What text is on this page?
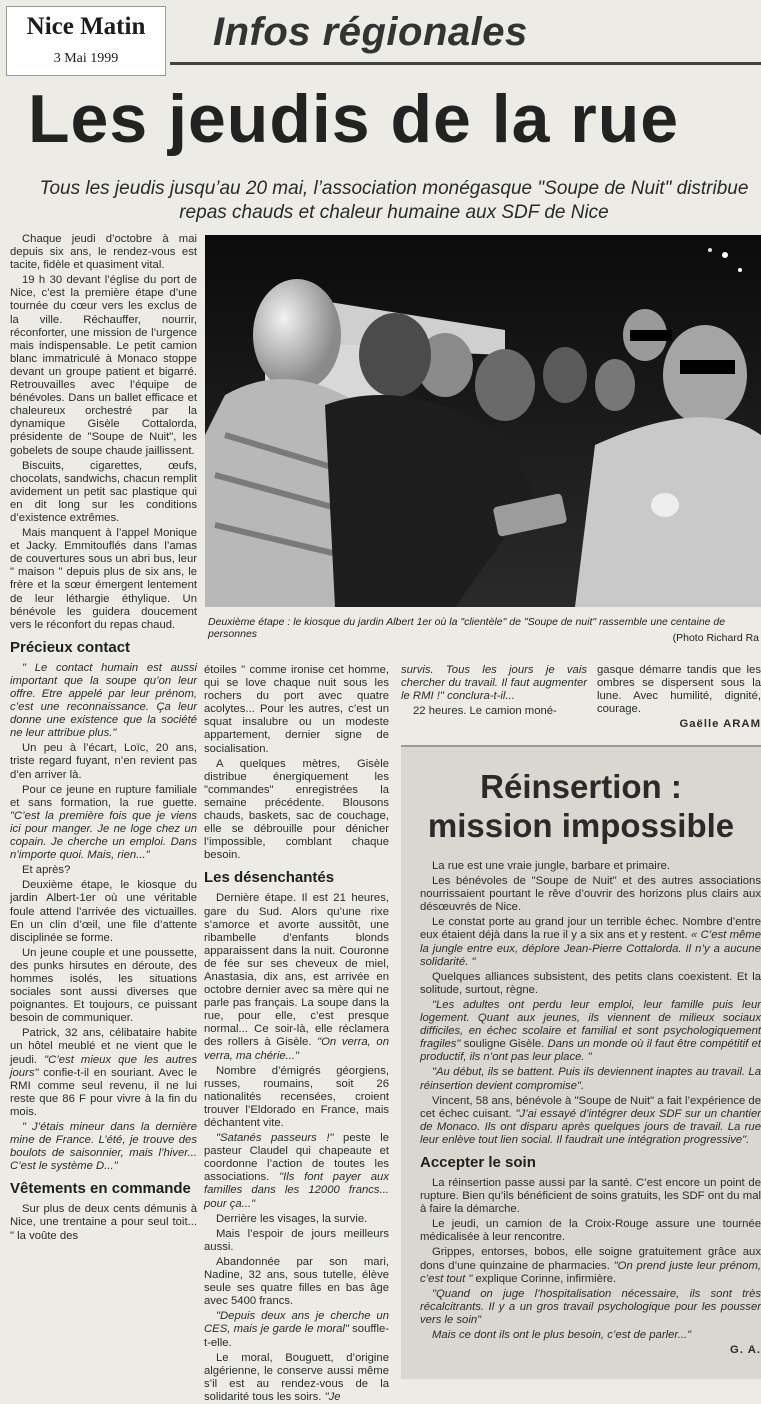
Nice Matin
3 Mai 1999
Infos régionales
Les jeudis de la rue
Tous les jeudis jusqu’au 20 mai, l’association monégasque "Soupe de Nuit" distribue repas chauds et chaleur humaine aux SDF de Nice

Chaque jeudi d’octobre à mai depuis six ans, le rendez-vous est tacite, fidèle et quasiment vital.

19 h 30 devant l’église du port de Nice, c’est la première étape d’une tournée du cœur vers les exclus de la ville. Réchauffer, nourrir, réconforter, une mission de l’urgence mais indispensable. Le petit camion blanc immatriculé à Monaco stoppe devant un groupe patient et bigarré. Retrouvailles avec l’équipe de bénévoles. Dans un ballet efficace et chaleureux orchestré par la dynamique Gisèle Cottalorda, présidente de "Soupe de Nuit", les gobelets de soupe chaude jaillissent.

Biscuits, cigarettes, œufs, chocolats, sandwichs, chacun remplit avidement un petit sac plastique qui en dit long sur les conditions d’existence extrêmes.

Mais manquent à l’appel Monique et Jacky. Emmitouflés dans l’amas de couvertures sous un abri bus, leur " maison " depuis plus de six ans, le frère et la sœur émergent lentement de leur léthargie éthylique. Un bénévole les guidera doucement vers le réconfort du repas chaud.

Précieux contact

" Le contact humain est aussi important que la soupe qu’on leur offre. Etre appelé par leur prénom, c’est une reconnaissance. Ça leur donne une existence que la société ne leur attribue plus."

Un peu à l’écart, Loïc, 20 ans, triste regard fuyant, n’en revient pas d’en arriver là.

Pour ce jeune en rupture familiale et sans formation, la rue guette. "C’est la première fois que je viens ici pour manger. Je ne loge chez un copain. Je cherche un emploi. Dans n’importe quoi. Mais, rien..."

Et après?

Deuxième étape, le kiosque du jardin Albert-1er où une véritable foule attend l’arrivée des victuailles. En un clin d’œil, une file d’attente disciplinée se forme.

Un jeune couple et une poussette, des punks hirsutes en déroute, des hommes isolés, les situations sociales sont aussi diverses que poignantes. Et toujours, ce puissant besoin de communiquer.

Patrick, 32 ans, célibataire habite un hôtel meublé et ne vient que le jeudi. "C’est mieux que les autres jours" confie-t-il en souriant. Avec le RMI comme seul revenu, il ne lui reste que 86 F pour vivre à la fin du mois.

" J’étais mineur dans la dernière mine de France. L’été, je trouve des boulots de saisonnier, mais l’hiver... C’est le système D..."

Vêtements en commande

Sur plus de deux cents démunis à Nice, une trentaine a pour seul toit... " la voûte des

Deuxième étape : le kiosque du jardin Albert 1er où la "clientèle" de "Soupe de nuit" rassemble une centaine de personnes	(Photo Richard Ra

étoiles " comme ironise cet homme, qui se love chaque nuit sous les rochers du port avec quatre acolytes... Pour les autres, c’est un squat insalubre ou un modeste appartement, dernier signe de socialisation.

A quelques mètres, Gisèle distribue énergiquement les "commandes" enregistrées la semaine précédente. Blousons chauds, baskets, sac de couchage, elle se débrouille pour dénicher l’impossible, comblant chaque besoin.

Les désenchantés

Dernière étape. Il est 21 heures, gare du Sud. Alors qu’une rixe s’amorce et avorte aussitôt, une ribambelle d’enfants blonds apparaissent dans la nuit. Couronne de fée sur ses cheveux de miel, Anastasia, dix ans, est arrivée en octobre dernier avec sa mère qui ne parle pas français. La soupe dans la rue, pour elle, c’est presque normal... Ce soir-là, elle réclamera des rollers à Gisèle. "On verra, on verra, ma chérie..."

Nombre d’émigrés géorgiens, russes, roumains, soit 26 nationalités recensées, croient trouver l’Eldorado en France, mais déchantent vite.

"Satanés passeurs !" peste le pasteur Claudel qui chapeaute et coordonne l’action de toutes les associations. "Ils font payer aux familles dans les 12000 francs... pour ça..."

Derrière les visages, la survie.

Mais l’espoir de jours meilleurs aussi.

Abandonnée par son mari, Nadine, 32 ans, sous tutelle, élève seule ses quatre filles en bas âge avec 5400 francs.

"Depuis deux ans je cherche un CES, mais je garde le moral" souffle-t-elle.

Le moral, Bouguett, d’origine algérienne, le conserve aussi même s’il est au rendez-vous de la solidarité tous les soirs. "Je

survis. Tous les jours je vais chercher du travail. Il faut augmenter le RMI !" conclura-t-il...

22 heures. Le camion moné-

gasque démarre tandis que les ombres se dispersent sous la lune. Avec humilité, dignité, courage.

Gaëlle ARAM

Réinsertion :
mission impossible

La rue est une vraie jungle, barbare et primaire.

Les bénévoles de "Soupe de Nuit" et des autres associations nourrissaient pourtant le rêve d’ouvrir des horizons plus clairs aux désœuvrés de Nice.

Le constat porte au grand jour un terrible échec. Nombre d’entre eux étaient déjà dans la rue il y a six ans et y restent. « C’est même la jungle entre eux, déplore Jean-Pierre Cottalorda. Il n’y a aucune solidarité. "

Quelques alliances subsistent, des petits clans coexistent. Et la solitude, surtout, règne.

"Les adultes ont perdu leur emploi, leur famille puis leur logement. Quant aux jeunes, ils viennent de milieux sociaux difficiles, en échec scolaire et familial et sont psychologiquement fragiles" souligne Gisèle. Dans un monde où il faut être compétitif et productif, ils n’ont pas leur place. "

"Au début, ils se battent. Puis ils deviennent inaptes au travail. La réinsertion devient compromise".

Vincent, 58 ans, bénévole à "Soupe de Nuit" a fait l’expérience de cet échec cuisant. "J’ai essayé d’intégrer deux SDF sur un chantier de Monaco. Ils ont disparu après quelques jours de travail. La rue leur enlève tout lien social. Il faudrait une intégration progressive".

Accepter le soin

La réinsertion passe aussi par la santé. C’est encore un point de rupture. Bien qu’ils bénéficient de soins gratuits, les SDF ont du mal à faire la démarche.

Le jeudi, un camion de la Croix-Rouge assure une tournée médicalisée à leur rencontre.

Grippes, entorses, bobos, elle soigne gratuitement grâce aux dons d’une quinzaine de pharmacies. "On prend juste leur prénom, c’est tout " explique Corinne, infirmière.

"Quand on juge l’hospitalisation nécessaire, ils sont très récalcitrants. Il y a un gros travail psychologique pour les pousser vers le soin"

Mais ce dont ils ont le plus besoin, c’est de parler..."

G. A.
